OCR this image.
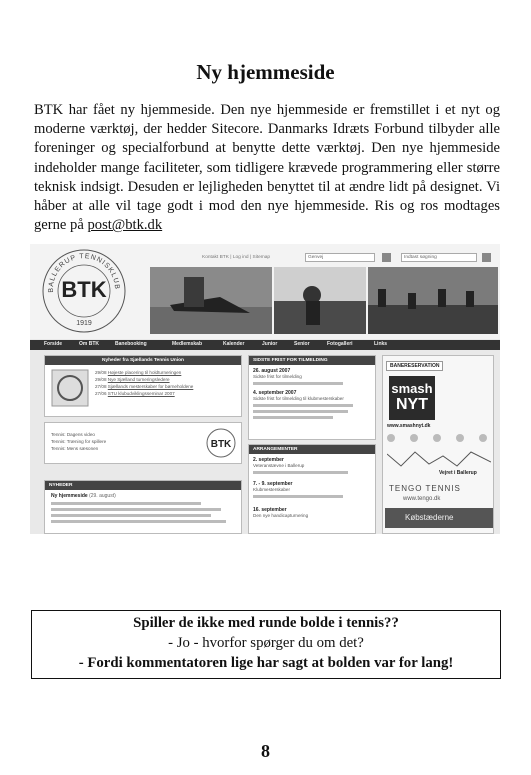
Ny hjemmeside

BTK har fået ny hjemmeside. Den nye hjemmeside er fremstillet i et nyt og moderne værktøj, der hedder Sitecore. Danmarks Idræts Forbund tilbyder alle foreninger og specialforbund at benytte dette værktøj. Den nye hjemmeside indeholder mange faciliteter, som tidligere krævede programmering eller større teknisk indsigt. Desuden er lejligheden benyttet til at ændre lidt på designet. Vi håber at alle vil tage godt i mod den nye hjemmeside. Ris og ros modtages gerne på post@btk.dk

BALLERUP TENNISKLUB
BTK
1919
Kontakt BTK | Log ind | Sitemap	Genvej	Indtast søgning
Forside	Om BTK	Banebooking	Medlemskab	Kalender	Junior	Senior	Fotogalleri	Links
Nyheder fra Sjællands Tennis Union
29/08 Højeste placering til holdturneringen
29/08 Nye Sjælland turneringsledere
27/08 Sjællands mesterskaber for børneholdene
27/06 STU klubudviklingsseminar 2007
Tennis: Dagens video
Tennis: Træning for spillere
Tennis: Mens sæsonen	BTK
NYHEDER
Ny hjemmeside (29. august)
SIDSTE FRIST FOR TILMELDING
26. august 2007
Sidste frist for tilmelding
4. september 2007
Sidste frist for tilmelding til klubmesterskaber
ARRANGEMENTER
2. september
Veteranstævne i Ballerup
7. - 9. september
Klubmesterskaber
16. september
Den nye handicapturnering
BANERESERVATION
smash
NYT
www.smashnyt.dk
Vejret i Ballerup
TENGO TENNIS
www.tengo.dk
Købstæderne
Spiller de ikke med runde bolde i tennis??
- Jo - hvorfor spørger du om det?
- Fordi kommentatoren lige har sagt at bolden var for lang!
8
